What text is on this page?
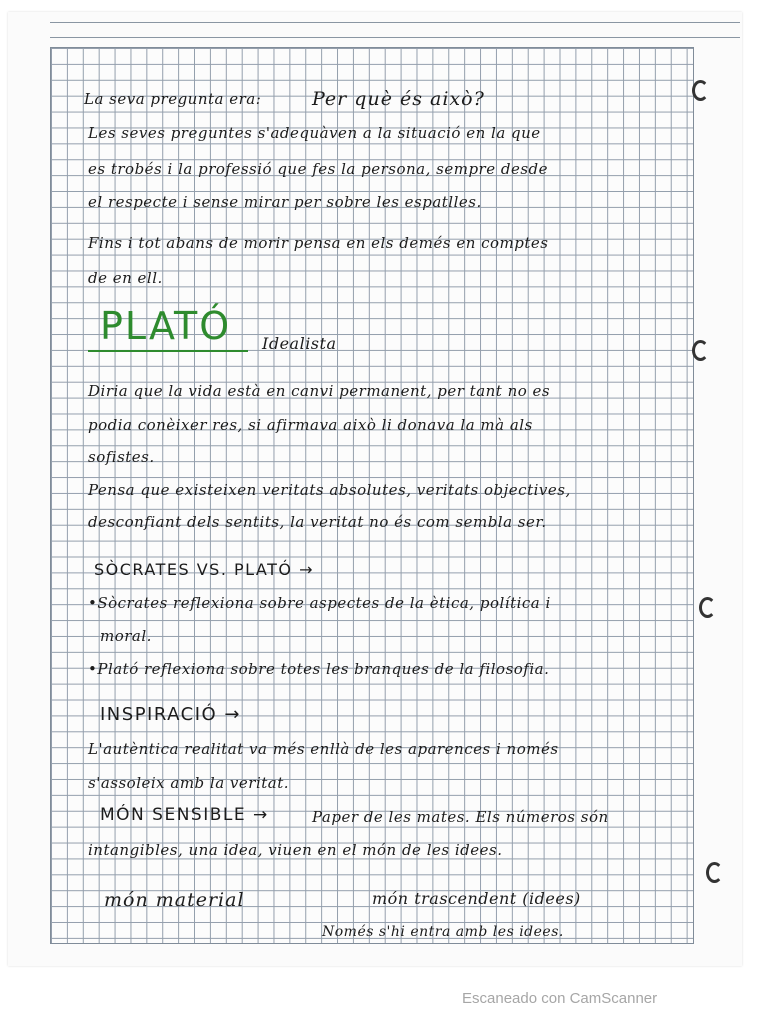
La seva pregunta era:	Per què és això?
Les seves preguntes s'adequàven a la situació en la que
es trobés i la professió que fes la persona, sempre desde
el respecte i sense mirar per sobre les espatlles.
Fins i tot abans de morir pensa en els demés en comptes
de en ell.
PLATÓ Idealista
Diria que la vida està en canvi permanent, per tant no es
podia conèixer res, si afirmava això li donava la mà als
sofistes.
Pensa que existeixen veritats absolutes, veritats objectives,
desconfiant dels sentits, la veritat no és com sembla ser.
SÒCRATES VS. PLATÓ →
•Sòcrates reflexiona sobre aspectes de la ètica, política i
moral.
•Plató reflexiona sobre totes les branques de la filosofia.
INSPIRACIÓ →
L'autèntica realitat va més enllà de les aparences i només
s'assoleix amb la veritat.
MÓN SENSIBLE →	Paper de les mates. Els números són
intangibles, una idea, viuen en el món de les idees.
món material	món trascendent (idees)
Només s'hi entra amb les idees.
Escaneado con CamScanner
